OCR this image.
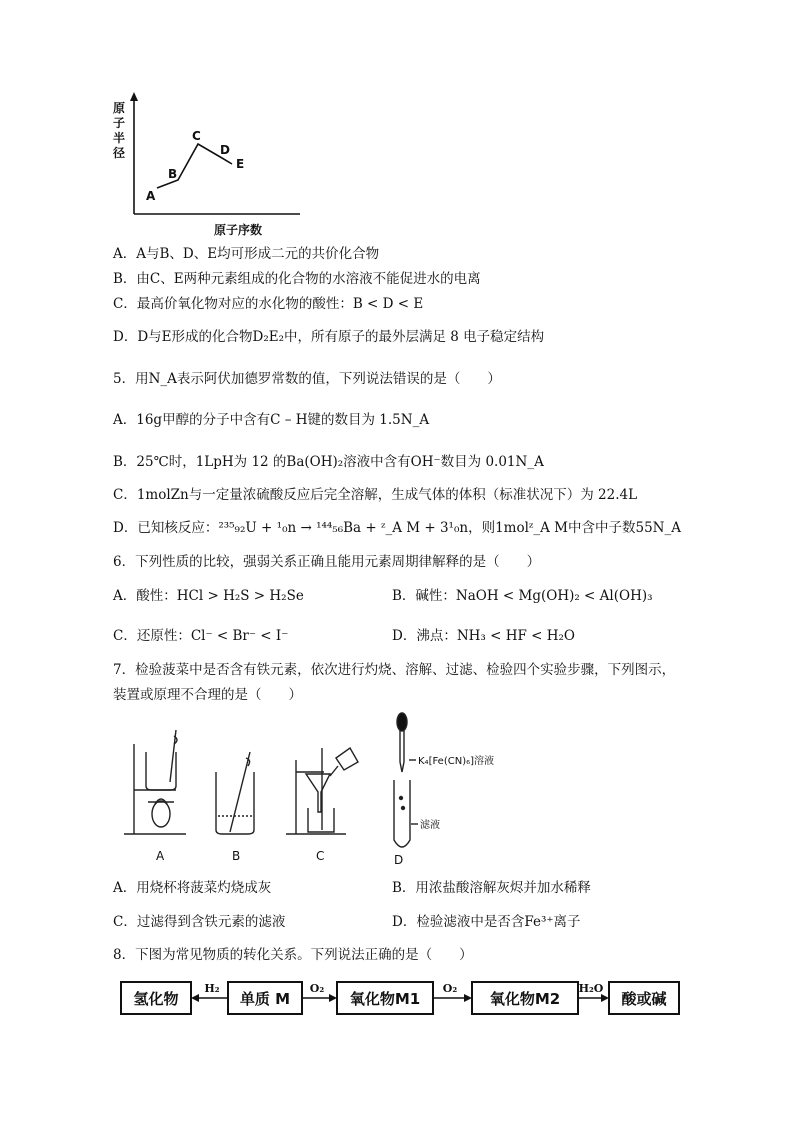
原
子
半
径
A
B
C
D
E
原子序数
A．A与B、D、E均可形成二元的共价化合物
B．由C、E两种元素组成的化合物的水溶液不能促进水的电离
C．最高价氧化物对应的水化物的酸性：B < D < E
D．D与E形成的化合物D₂E₂中，所有原子的最外层满足 8 电子稳定结构
5．用N_A表示阿伏加德罗常数的值，下列说法错误的是（　　）
A．16g甲醇的分子中含有C – H键的数目为 1.5N_A
B．25℃时，1LpH为 12 的Ba(OH)₂溶液中含有OH⁻数目为 0.01N_A
C．1molZn与一定量浓硫酸反应后完全溶解，生成气体的体积（标准状况下）为 22.4L
D．已知核反应：²³⁵₉₂U + ¹₀n → ¹⁴⁴₅₆Ba + ᶻ_A M + 3¹₀n，则1molᶻ_A M中含中子数55N_A
6．下列性质的比较，强弱关系正确且能用元素周期律解释的是（　　）
A．酸性：HCl > H₂S > H₂Se	B．碱性：NaOH < Mg(OH)₂ < Al(OH)₃
C．还原性：Cl⁻ < Br⁻ < I⁻	D．沸点：NH₃ < HF < H₂O
7．检验菠菜中是否含有铁元素，依次进行灼烧、溶解、过滤、检验四个实验步骤，下列图示，
装置或原理不合理的是（　　）
K₄[Fe(CN)₆]溶液
滤液
A	B	C	D
A．用烧杯将菠菜灼烧成灰	B．用浓盐酸溶解灰烬并加水稀释
C．过滤得到含铁元素的滤液	D．检验滤液中是否含Fe³⁺离子
8．下图为常见物质的转化关系。下列说法正确的是（　　）
氢化物	单质 M	氧化物M1	氧化物M2	酸或碱
H₂	O₂	O₂	H₂O
